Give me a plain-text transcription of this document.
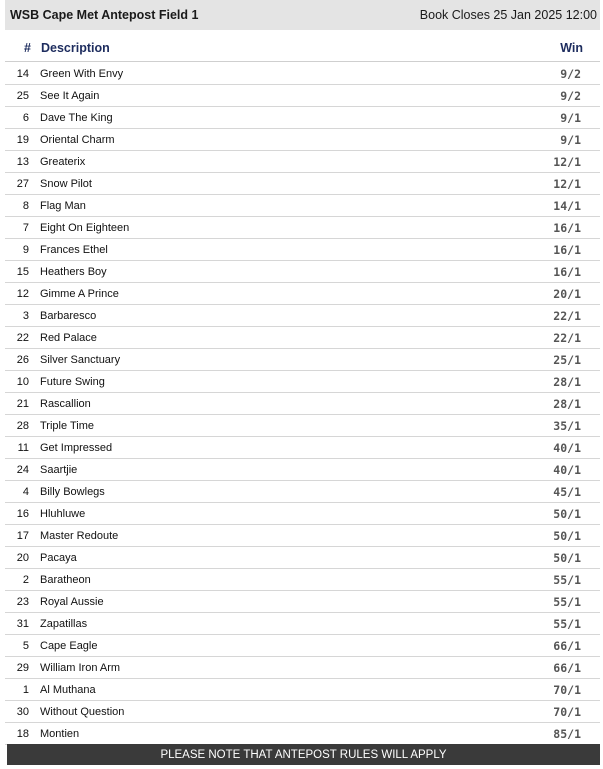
WSB Cape Met Antepost Field 1	Book Closes 25 Jan 2025 12:00
# Description	Win
14	Green With Envy	9/2
25	See It Again	9/2
6	Dave The King	9/1
19	Oriental Charm	9/1
13	Greaterix	12/1
27	Snow Pilot	12/1
8	Flag Man	14/1
7	Eight On Eighteen	16/1
9	Frances Ethel	16/1
15	Heathers Boy	16/1
12	Gimme A Prince	20/1
3	Barbaresco	22/1
22	Red Palace	22/1
26	Silver Sanctuary	25/1
10	Future Swing	28/1
21	Rascallion	28/1
28	Triple Time	35/1
11	Get Impressed	40/1
24	Saartjie	40/1
4	Billy Bowlegs	45/1
16	Hluhluwe	50/1
17	Master Redoute	50/1
20	Pacaya	50/1
2	Baratheon	55/1
23	Royal Aussie	55/1
31	Zapatillas	55/1
5	Cape Eagle	66/1
29	William Iron Arm	66/1
1	Al Muthana	70/1
30	Without Question	70/1
18	Montien	85/1
PLEASE NOTE THAT ANTEPOST RULES WILL APPLY
